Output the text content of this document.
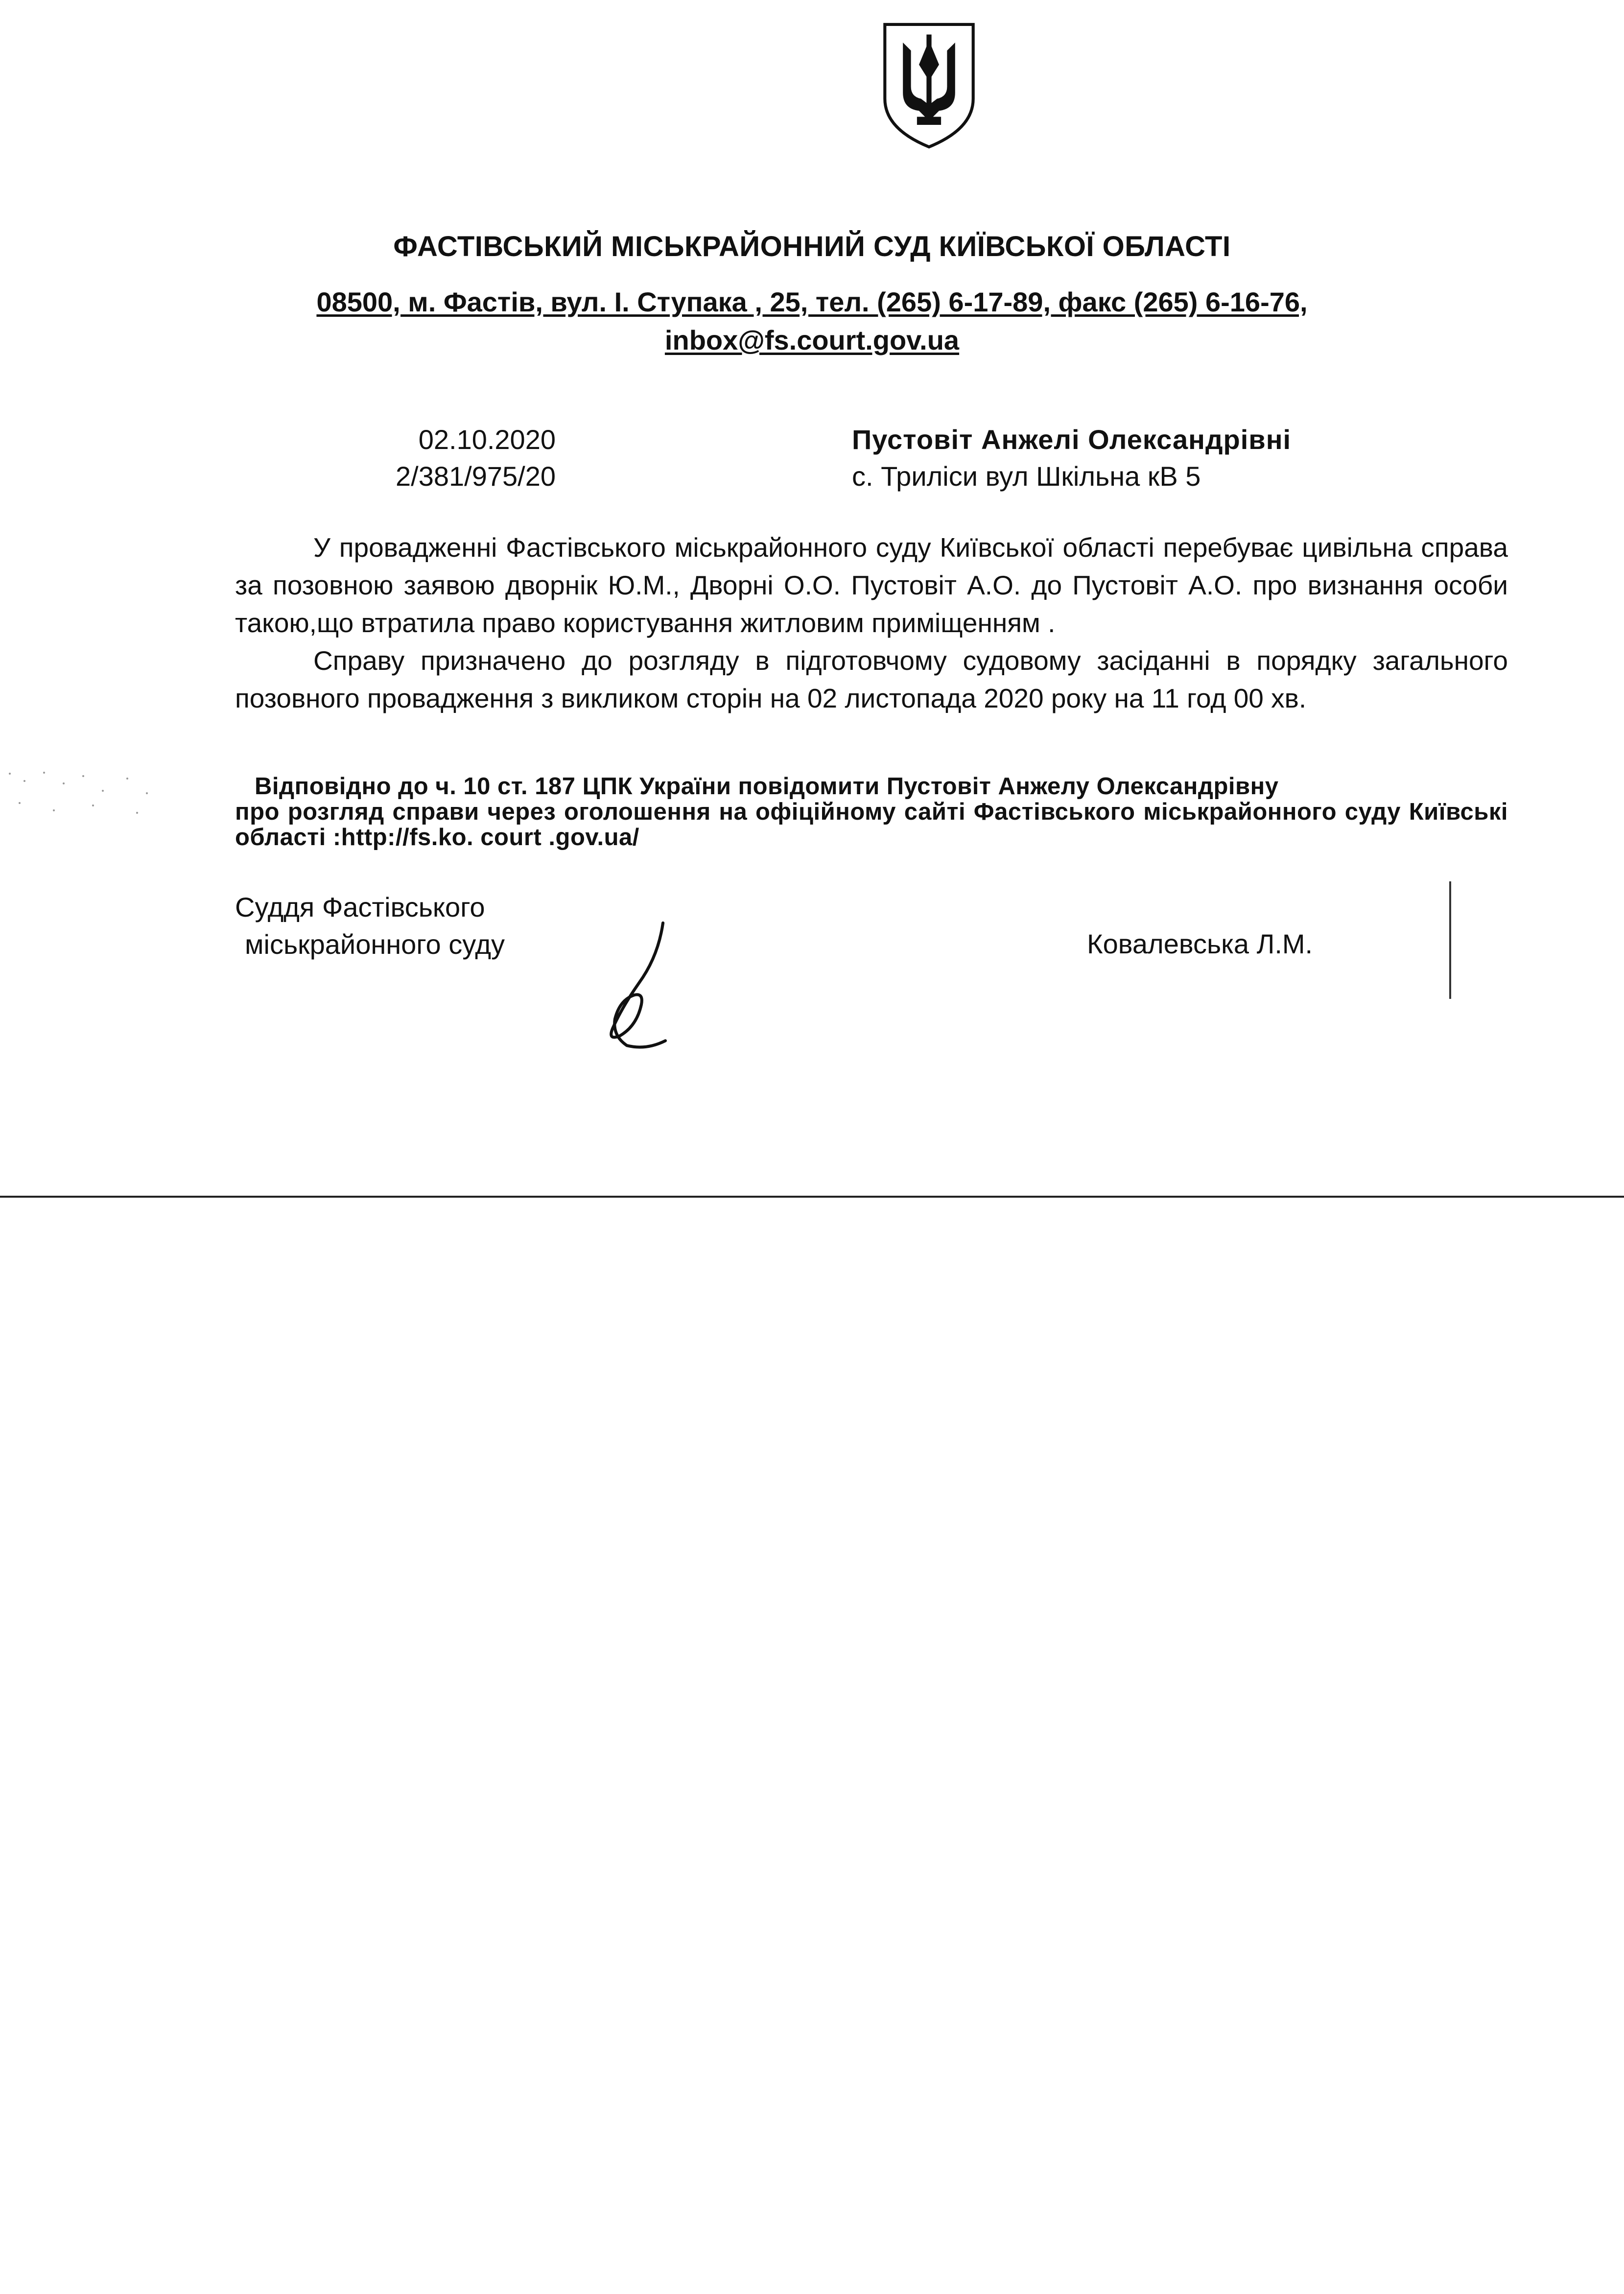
ФАСТІВСЬКИЙ МІСЬКРАЙОННИЙ СУД КИЇВСЬКОЇ ОБЛАСТІ
08500, м. Фастів, вул. І. Ступака , 25, тел. (265) 6-17-89, факс (265) 6-16-76,
inbox@fs.court.gov.ua
02.10.2020
2/381/975/20
Пустовіт Анжелі Олександрівні
с. Триліси вул Шкільна кВ 5

У провадженні Фастівського міськрайонного суду Київської області перебуває цивільна справа за позовною заявою дворнік Ю.М., Дворні О.О. Пустовіт А.О. до Пустовіт А.О. про визнання особи такою,що втратила право користування житловим приміщенням .

Справу призначено до розгляду в підготовчому судовому засіданні в порядку загального позовного провадження з викликом сторін на 02 листопада 2020 року на 11 год 00 хв.

Відповідно до ч. 10 ст. 187 ЦПК України повідомити Пустовіт Анжелу Олександрівну
про розгляд справи через оголошення на офіційному сайті Фастівського міськрайонного суду Київські області :http://fs.ko. court .gov.ua/
Суддя Фастівського
міськрайонного суду	Ковалевська Л.М.
